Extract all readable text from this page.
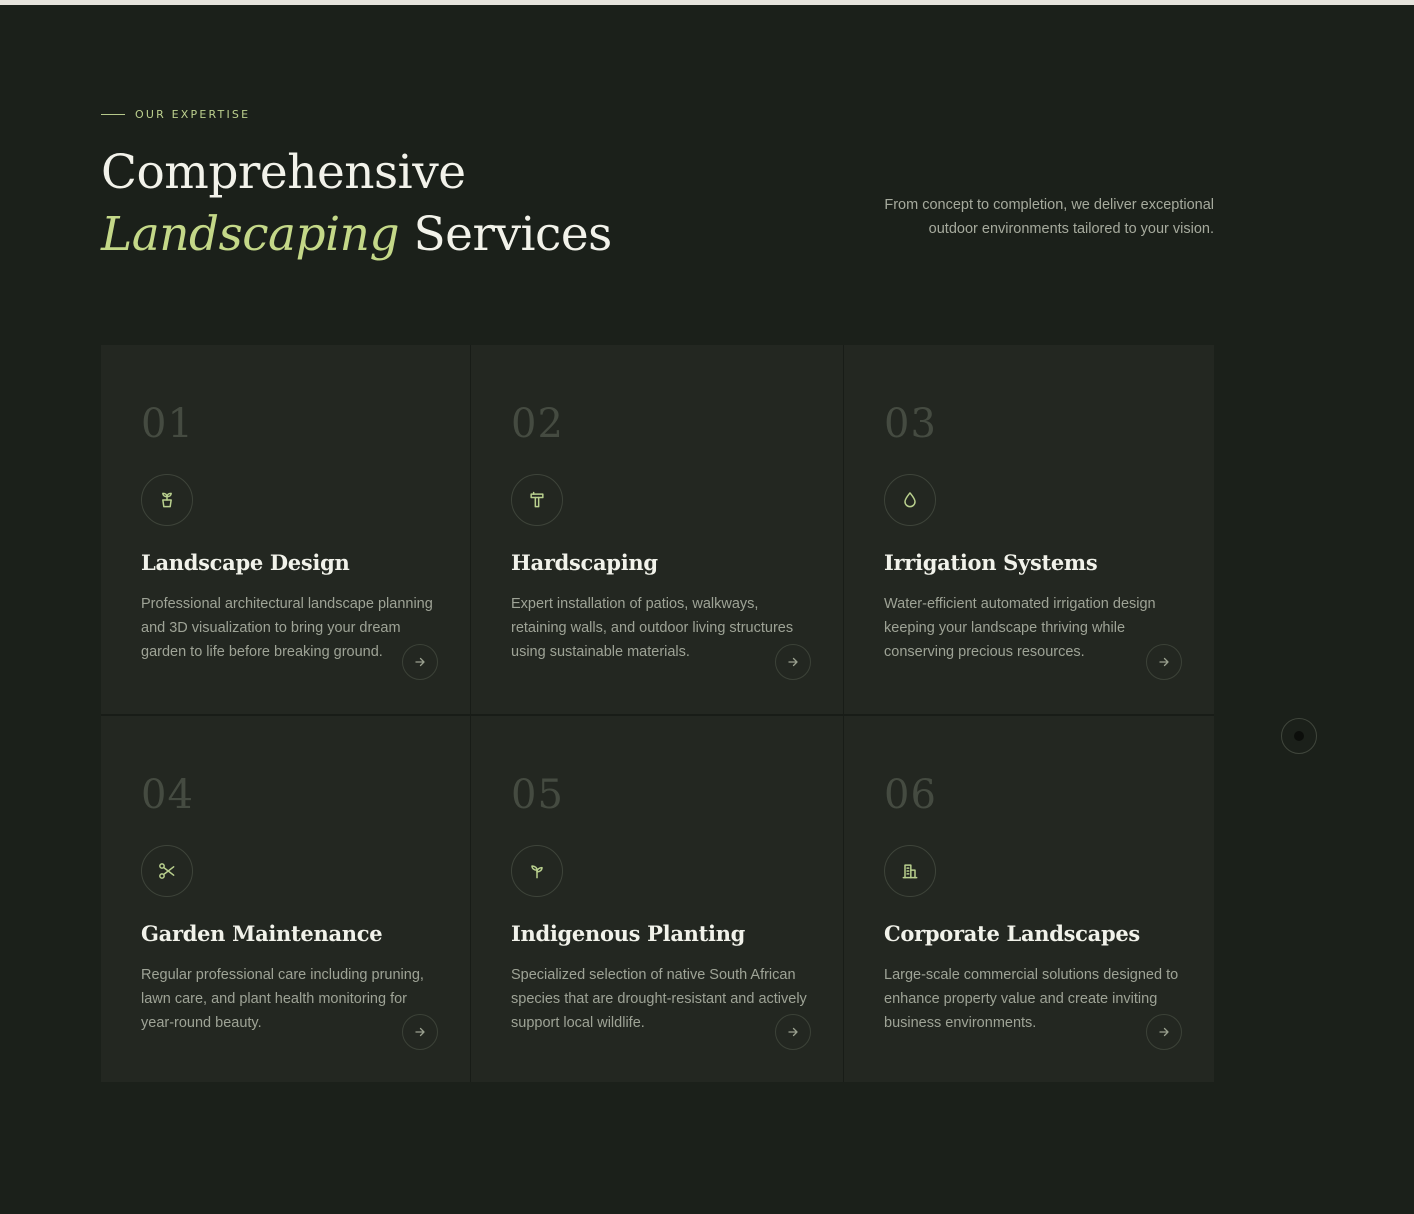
OUR EXPERTISE
Comprehensive
Landscaping Services

From concept to completion, we deliver exceptional outdoor environments tailored to your vision.

01
Landscape Design

Professional architectural landscape planning and 3D visualization to bring your dream garden to life before breaking ground.

02
Hardscaping

Expert installation of patios, walkways, retaining walls, and outdoor living structures using sustainable materials.

03
Irrigation Systems

Water-efficient automated irrigation design keeping your landscape thriving while conserving precious resources.

04
Garden Maintenance

Regular professional care including pruning, lawn care, and plant health monitoring for year-round beauty.

05
Indigenous Planting

Specialized selection of native South African species that are drought-resistant and actively support local wildlife.

06
Corporate Landscapes

Large-scale commercial solutions designed to enhance property value and create inviting business environments.
